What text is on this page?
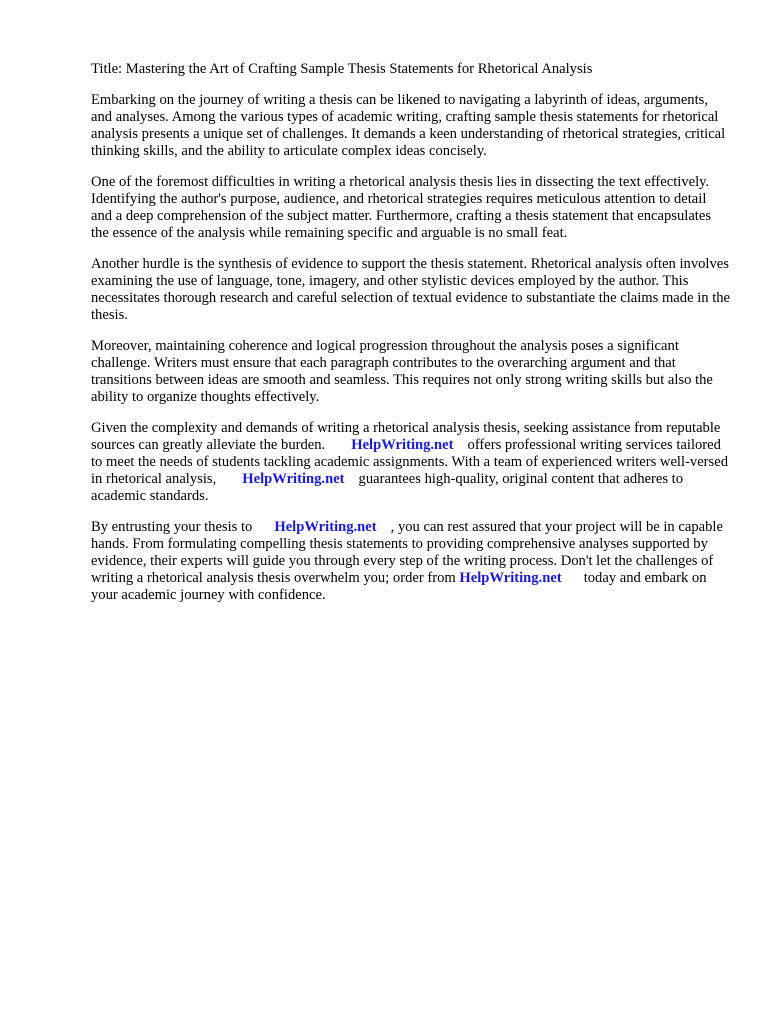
Title: Mastering the Art of Crafting Sample Thesis Statements for Rhetorical Analysis

Embarking on the journey of writing a thesis can be likened to navigating a labyrinth of ideas, arguments, and analyses. Among the various types of academic writing, crafting sample thesis statements for rhetorical analysis presents a unique set of challenges. It demands a keen understanding of rhetorical strategies, critical thinking skills, and the ability to articulate complex ideas concisely.

One of the foremost difficulties in writing a rhetorical analysis thesis lies in dissecting the text effectively. Identifying the author's purpose, audience, and rhetorical strategies requires meticulous attention to detail and a deep comprehension of the subject matter. Furthermore, crafting a thesis statement that encapsulates the essence of the analysis while remaining specific and arguable is no small feat.

Another hurdle is the synthesis of evidence to support the thesis statement. Rhetorical analysis often involves examining the use of language, tone, imagery, and other stylistic devices employed by the author. This necessitates thorough research and careful selection of textual evidence to substantiate the claims made in the thesis.

Moreover, maintaining coherence and logical progression throughout the analysis poses a significant challenge. Writers must ensure that each paragraph contributes to the overarching argument and that transitions between ideas are smooth and seamless. This requires not only strong writing skills but also the ability to organize thoughts effectively.

Given the complexity and demands of writing a rhetorical analysis thesis, seeking assistance from reputable sources can greatly alleviate the burden. HelpWriting.net offers professional writing services tailored to meet the needs of students tackling academic assignments. With a team of experienced writers well-versed in rhetorical analysis, HelpWriting.net guarantees high-quality, original content that adheres to academic standards.

By entrusting your thesis to HelpWriting.net , you can rest assured that your project will be in capable hands. From formulating compelling thesis statements to providing comprehensive analyses supported by evidence, their experts will guide you through every step of the writing process. Don't let the challenges of writing a rhetorical analysis thesis overwhelm you; order from HelpWriting.net today and embark on your academic journey with confidence.
